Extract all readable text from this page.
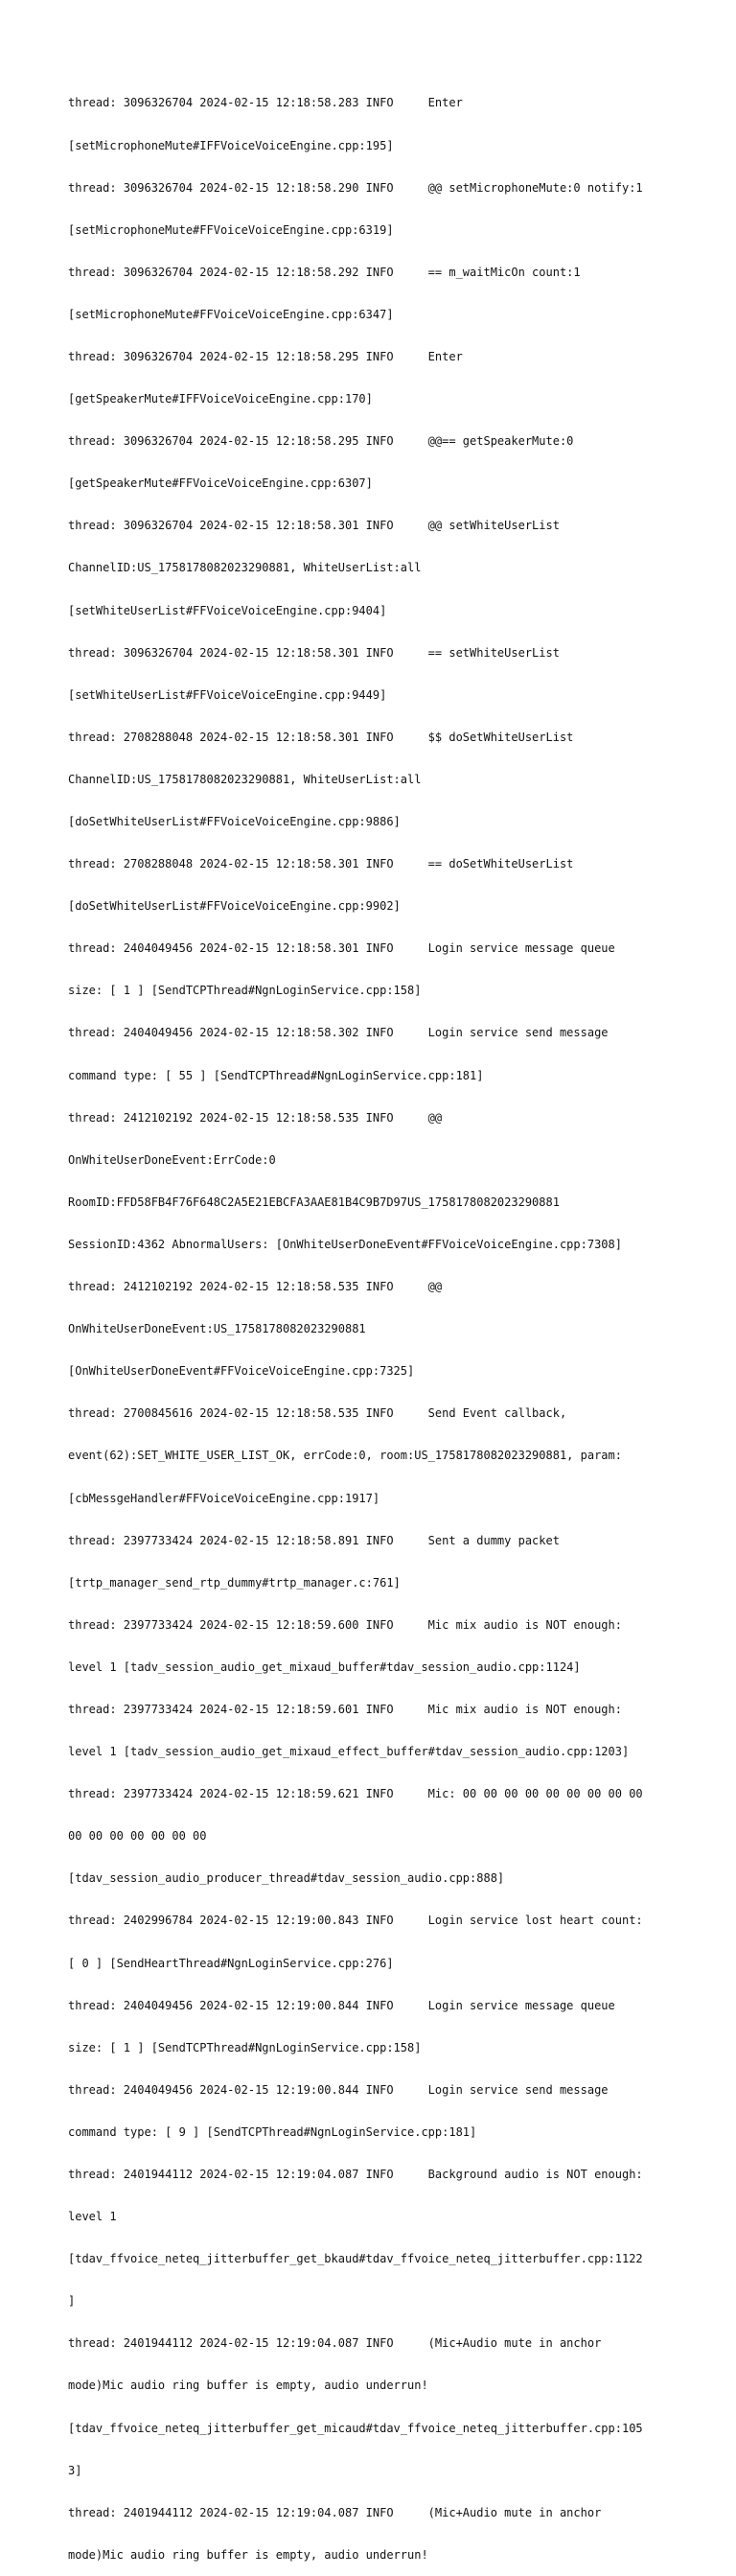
thread: 3096326704 2024-02-15 12:18:58.283 INFO     Enter

[setMicrophoneMute#IFFVoiceVoiceEngine.cpp:195]

thread: 3096326704 2024-02-15 12:18:58.290 INFO     @@ setMicrophoneMute:0 notify:1

[setMicrophoneMute#FFVoiceVoiceEngine.cpp:6319]

thread: 3096326704 2024-02-15 12:18:58.292 INFO     == m_waitMicOn count:1

[setMicrophoneMute#FFVoiceVoiceEngine.cpp:6347]

thread: 3096326704 2024-02-15 12:18:58.295 INFO     Enter

[getSpeakerMute#IFFVoiceVoiceEngine.cpp:170]

thread: 3096326704 2024-02-15 12:18:58.295 INFO     @@== getSpeakerMute:0

[getSpeakerMute#FFVoiceVoiceEngine.cpp:6307]

thread: 3096326704 2024-02-15 12:18:58.301 INFO     @@ setWhiteUserList

ChannelID:US_1758178082023290881, WhiteUserList:all

[setWhiteUserList#FFVoiceVoiceEngine.cpp:9404]

thread: 3096326704 2024-02-15 12:18:58.301 INFO     == setWhiteUserList

[setWhiteUserList#FFVoiceVoiceEngine.cpp:9449]

thread: 2708288048 2024-02-15 12:18:58.301 INFO     $$ doSetWhiteUserList

ChannelID:US_1758178082023290881, WhiteUserList:all

[doSetWhiteUserList#FFVoiceVoiceEngine.cpp:9886]

thread: 2708288048 2024-02-15 12:18:58.301 INFO     == doSetWhiteUserList

[doSetWhiteUserList#FFVoiceVoiceEngine.cpp:9902]

thread: 2404049456 2024-02-15 12:18:58.301 INFO     Login service message queue

size: [ 1 ] [SendTCPThread#NgnLoginService.cpp:158]

thread: 2404049456 2024-02-15 12:18:58.302 INFO     Login service send message

command type: [ 55 ] [SendTCPThread#NgnLoginService.cpp:181]

thread: 2412102192 2024-02-15 12:18:58.535 INFO     @@

OnWhiteUserDoneEvent:ErrCode:0

RoomID:FFD58FB4F76F648C2A5E21EBCFA3AAE81B4C9B7D97US_1758178082023290881

SessionID:4362 AbnormalUsers: [OnWhiteUserDoneEvent#FFVoiceVoiceEngine.cpp:7308]

thread: 2412102192 2024-02-15 12:18:58.535 INFO     @@

OnWhiteUserDoneEvent:US_1758178082023290881

[OnWhiteUserDoneEvent#FFVoiceVoiceEngine.cpp:7325]

thread: 2700845616 2024-02-15 12:18:58.535 INFO     Send Event callback,

event(62):SET_WHITE_USER_LIST_OK, errCode:0, room:US_1758178082023290881, param:

[cbMessgeHandler#FFVoiceVoiceEngine.cpp:1917]

thread: 2397733424 2024-02-15 12:18:58.891 INFO     Sent a dummy packet

[trtp_manager_send_rtp_dummy#trtp_manager.c:761]

thread: 2397733424 2024-02-15 12:18:59.600 INFO     Mic mix audio is NOT enough:

level 1 [tadv_session_audio_get_mixaud_buffer#tdav_session_audio.cpp:1124]

thread: 2397733424 2024-02-15 12:18:59.601 INFO     Mic mix audio is NOT enough:

level 1 [tadv_session_audio_get_mixaud_effect_buffer#tdav_session_audio.cpp:1203]

thread: 2397733424 2024-02-15 12:18:59.621 INFO     Mic: 00 00 00 00 00 00 00 00 00

00 00 00 00 00 00 00

[tdav_session_audio_producer_thread#tdav_session_audio.cpp:888]

thread: 2402996784 2024-02-15 12:19:00.843 INFO     Login service lost heart count:

[ 0 ] [SendHeartThread#NgnLoginService.cpp:276]

thread: 2404049456 2024-02-15 12:19:00.844 INFO     Login service message queue

size: [ 1 ] [SendTCPThread#NgnLoginService.cpp:158]

thread: 2404049456 2024-02-15 12:19:00.844 INFO     Login service send message

command type: [ 9 ] [SendTCPThread#NgnLoginService.cpp:181]

thread: 2401944112 2024-02-15 12:19:04.087 INFO     Background audio is NOT enough:

level 1

[tdav_ffvoice_neteq_jitterbuffer_get_bkaud#tdav_ffvoice_neteq_jitterbuffer.cpp:1122

]

thread: 2401944112 2024-02-15 12:19:04.087 INFO     (Mic+Audio mute in anchor

mode)Mic audio ring buffer is empty, audio underrun!

[tdav_ffvoice_neteq_jitterbuffer_get_micaud#tdav_ffvoice_neteq_jitterbuffer.cpp:105

3]

thread: 2401944112 2024-02-15 12:19:04.087 INFO     (Mic+Audio mute in anchor

mode)Mic audio ring buffer is empty, audio underrun!
